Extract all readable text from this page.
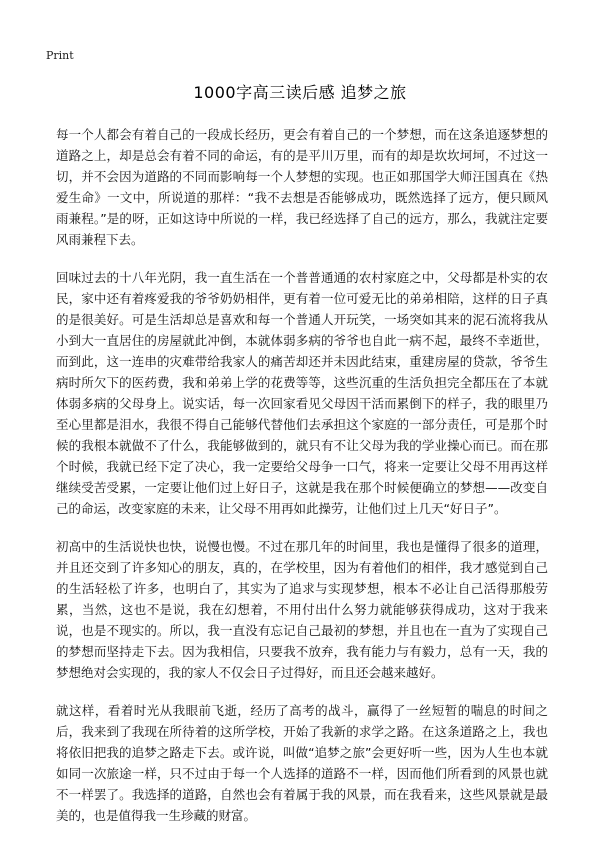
Print
1000字高三读后感 追梦之旅

每一个人都会有着自己的一段成长经历，更会有着自己的一个梦想，而在这条追逐梦想的道路之上，却是总会有着不同的命运，有的是平川万里，而有的却是坎坎坷坷，不过这一切，并不会因为道路的不同而影响每一个人梦想的实现。也正如那国学大师汪国真在《热爱生命》一文中，所说道的那样：“我不去想是否能够成功，既然选择了远方，便只顾风雨兼程。”是的呀，正如这诗中所说的一样，我已经选择了自己的远方，那么，我就注定要风雨兼程下去。

回味过去的十八年光阴，我一直生活在一个普普通通的农村家庭之中，父母都是朴实的农民，家中还有着疼爱我的爷爷奶奶相伴，更有着一位可爱无比的弟弟相陪，这样的日子真的是很美好。可是生活却总是喜欢和每一个普通人开玩笑，一场突如其来的泥石流将我从小到大一直居住的房屋就此冲倒，本就体弱多病的爷爷也自此一病不起，最终不幸逝世，而到此，这一连串的灾难带给我家人的痛苦却还并未因此结束，重建房屋的贷款，爷爷生病时所欠下的医药费，我和弟弟上学的花费等等，这些沉重的生活负担完全都压在了本就体弱多病的父母身上。说实话，每一次回家看见父母因干活而累倒下的样子，我的眼里乃至心里都是泪水，我很不得自己能够代替他们去承担这个家庭的一部分责任，可是那个时候的我根本就做不了什么，我能够做到的，就只有不让父母为我的学业操心而已。而在那个时候，我就已经下定了决心，我一定要给父母争一口气，将来一定要让父母不用再这样继续受苦受累，一定要让他们过上好日子，这就是我在那个时候便确立的梦想——改变自己的命运，改变家庭的未来，让父母不用再如此操劳，让他们过上几天“好日子”。

初高中的生活说快也快，说慢也慢。不过在那几年的时间里，我也是懂得了很多的道理，并且还交到了许多知心的朋友，真的，在学校里，因为有着他们的相伴，我才感觉到自己的生活轻松了许多，也明白了，其实为了追求与实现梦想，根本不必让自己活得那般劳累，当然，这也不是说，我在幻想着，不用付出什么努力就能够获得成功，这对于我来说，也是不现实的。所以，我一直没有忘记自己最初的梦想，并且也在一直为了实现自己的梦想而坚持走下去。因为我相信，只要我不放弃，我有能力与有毅力，总有一天，我的梦想绝对会实现的，我的家人不仅会日子过得好，而且还会越来越好。

就这样，看着时光从我眼前飞逝，经历了高考的战斗，赢得了一丝短暂的喘息的时间之后，我来到了我现在所待着的这所学校，开始了我新的求学之路。在这条道路之上，我也将依旧把我的追梦之路走下去。或许说，叫做“追梦之旅”会更好听一些，因为人生也本就如同一次旅途一样，只不过由于每一个人选择的道路不一样，因而他们所看到的风景也就不一样罢了。我选择的道路，自然也会有着属于我的风景，而在我看来，这些风景就是最美的，也是值得我一生珍藏的财富。
